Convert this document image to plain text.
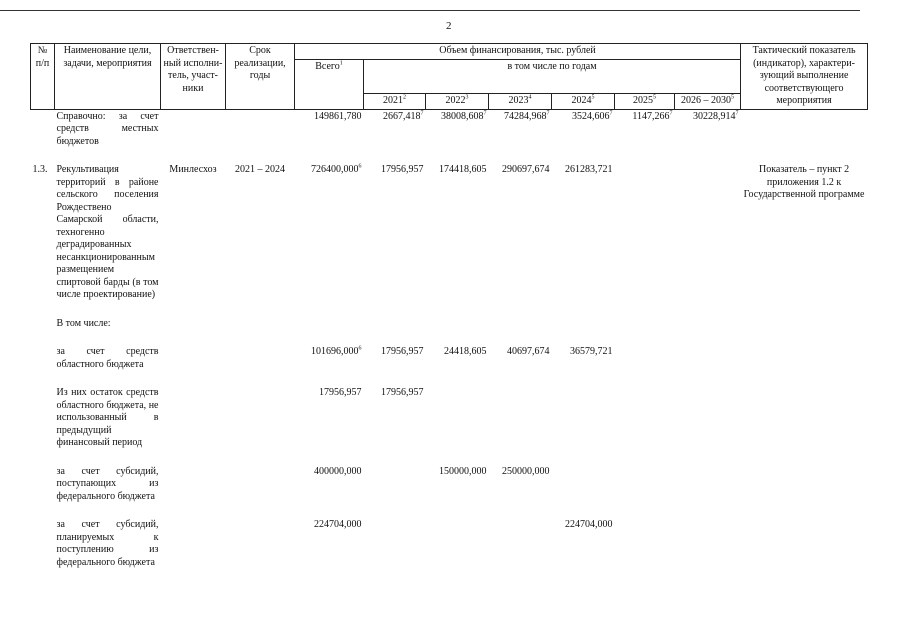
2
№ п/п	Наименование цели, задачи, мероприятия	Ответствен-ный исполни-тель, участ-ники	Срок реализации, годы	Объем финансирования, тыс. рублей							Тактический показатель (индикатор), характери-зующий выполнение соответствующего мероприятия
				Всего$^1$	в том числе по годам						
					2021$^2$	2022$^3$	2023$^4$	2024$^5$	2025$^5$	2026 – 2030$^5$
	Справочно: за счет средств местных бюджетов			149861,780	2667,418$^7$	38008,608$^7$	74284,968$^7$	3524,606$^7$	1147,266$^7$	30228,914$^7$	

1.3.	Рекультивация территорий в районе сельского поселения Рождествено Самарской области, техногенно деградированных несанкционированным размещением спиртовой барды (в том числе проектирование)	Минлесхоз	2021 – 2024	726400,000$^6$	17956,957	174418,605	290697,674	261283,721			Показатель – пункт 2 приложения 1.2 к Государственной программе

	В том числе:										

	за счет средств областного бюджета			101696,000$^6$	17956,957	24418,605	40697,674	36579,721			

	Из них остаток средств областного бюджета, не использованный в предыдущий финансовый период			17956,957	17956,957						

	за счет субсидий, поступающих из федерального бюджета			400000,000		150000,000	250000,000				

	за счет субсидий, планируемых к поступлению из федерального бюджета			224704,000				224704,000			
